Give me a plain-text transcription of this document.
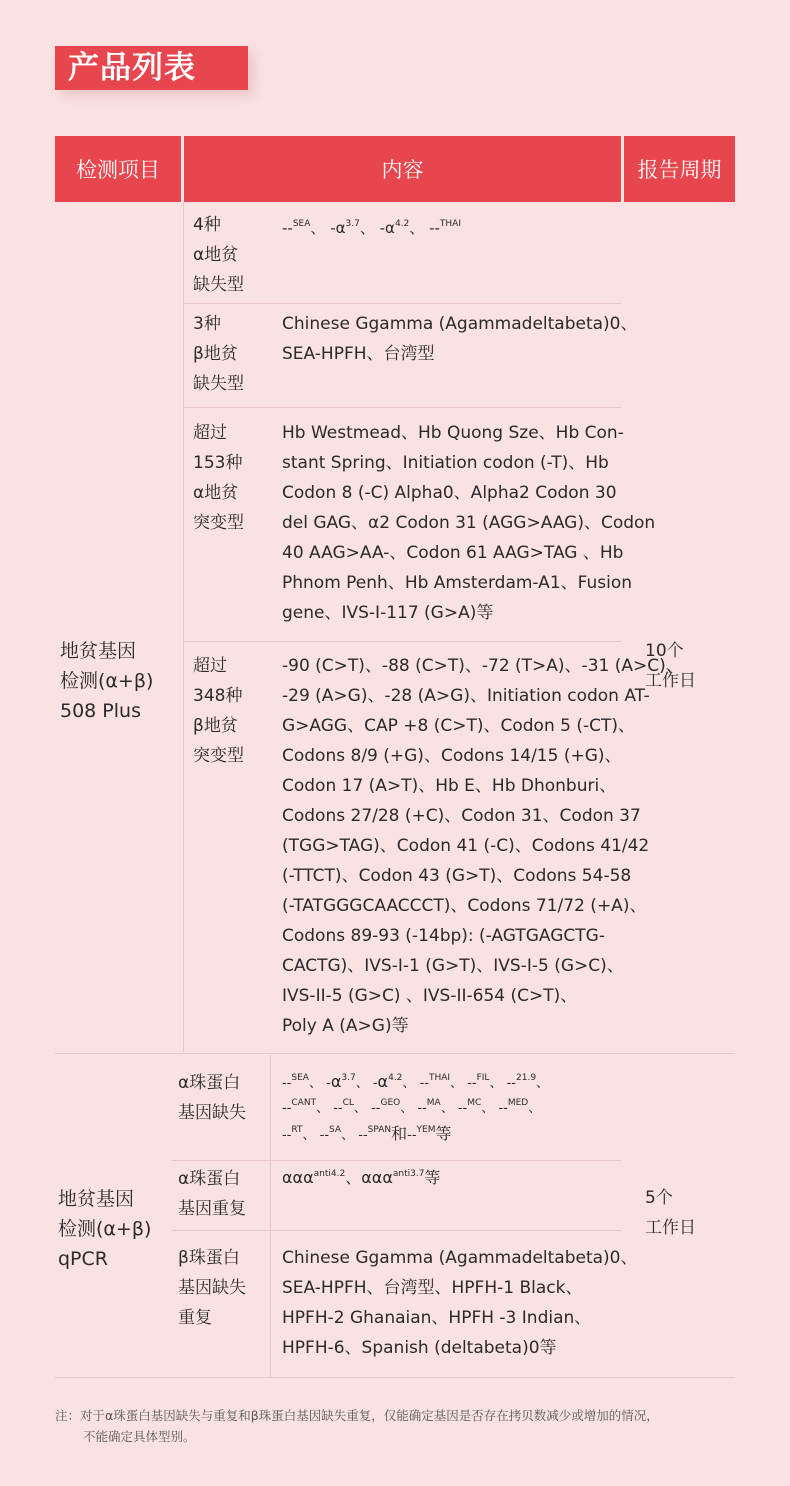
产品列表
检测项目	内容	报告周期
地贫基因
检测(α+β)
508 Plus
10个
工作日
4种
α地贫
缺失型
--$^{SEA}$、 $-\alpha^{3.7}$、 $-\alpha^{4.2}$、 --$^{THAI}$
3种
β地贫
缺失型
Chinese Ggamma (Agammadeltabeta)0、
SEA-HPFH、台湾型
超过
153种
α地贫
突变型
Hb Westmead、Hb Quong Sze、Hb Con-
stant Spring、Initiation codon (-T)、Hb
Codon 8 (-C) Alpha0、Alpha2 Codon 30
del GAG、α2 Codon 31 (AGG>AAG)、Codon
40 AAG>AA-、Codon 61 AAG>TAG 、Hb
Phnom Penh、Hb Amsterdam-A1、Fusion
gene、IVS-I-117 (G>A)等
超过
348种
β地贫
突变型
-90 (C>T)、-88 (C>T)、-72 (T>A)、-31 (A>C)、
-29 (A>G)、-28 (A>G)、Initiation codon AT-
G>AGG、CAP +8 (C>T)、Codon 5 (-CT)、
Codons 8/9 (+G)、Codons 14/15 (+G)、
Codon 17 (A>T)、Hb E、Hb Dhonburi、
Codons 27/28 (+C)、Codon 31、Codon 37
(TGG>TAG)、Codon 41 (-C)、Codons 41/42
(-TTCT)、Codon 43 (G>T)、Codons 54-58
(-TATGGGCAACCCT)、Codons 71/72 (+A)、
Codons 89-93 (-14bp): (-AGTGAGCTG-
CACTG)、IVS-I-1 (G>T)、IVS-I-5 (G>C)、
IVS-II-5 (G>C) 、IVS-II-654 (C>T)、
Poly A (A>G)等
地贫基因
检测(α+β)
qPCR
5个
工作日
α珠蛋白
基因缺失
--$^{SEA}$、 $-\alpha^{3.7}$、 $-\alpha^{4.2}$、 --$^{THAI}$、 --$^{FIL}$、 --$^{21.9}$、
--$^{CANT}$、 --$^{CL}$、 --$^{GEO}$、 --$^{MA}$、 --$^{MC}$、 --$^{MED}$、
--$^{RT}$、 --$^{SA}$、 --$^{SPAN}$和--$^{YEM}$等
α珠蛋白
基因重复
ααα$^{anti4.2}$、ααα$^{anti3.7}$等
β珠蛋白
基因缺失
重复
Chinese Ggamma (Agammadeltabeta)0、
SEA-HPFH、台湾型、HPFH-1 Black、
HPFH-2 Ghanaian、HPFH -3 Indian、
HPFH-6、Spanish (deltabeta)0等
注：对于α珠蛋白基因缺失与重复和β珠蛋白基因缺失重复，仅能确定基因是否存在拷贝数减少或增加的情况，
不能确定具体型别。
